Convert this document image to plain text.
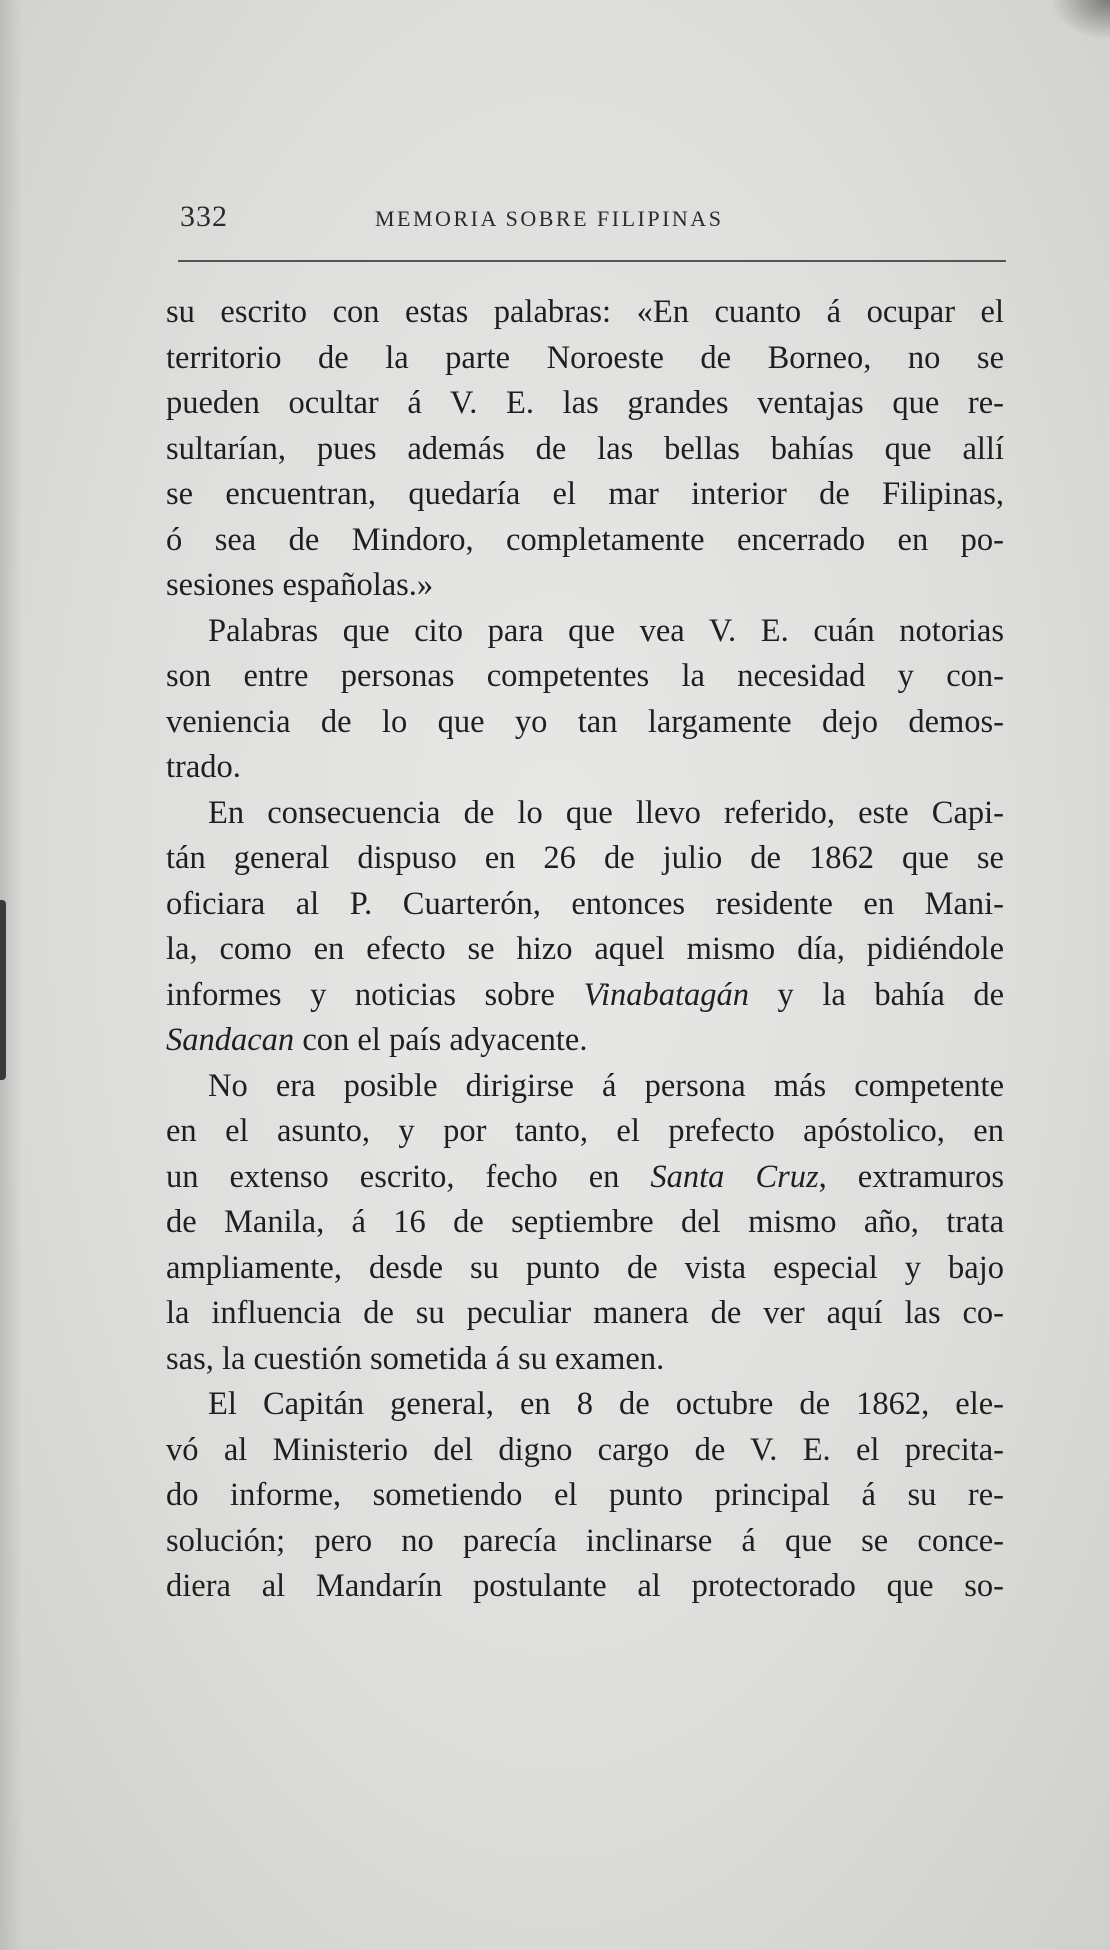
332	MEMORIA SOBRE FILIPINAS

su escrito con estas palabras: «En cuanto á ocupar el
territorio de la parte Noroeste de Borneo, no se
pueden ocultar á V. E. las grandes ventajas que re-
sultarían, pues además de las bellas bahías que allí
se encuentran, quedaría el mar interior de Filipinas,
ó sea de Mindoro, completamente encerrado en po-
sesiones españolas.»

Palabras que cito para que vea V. E. cuán notorias
son entre personas competentes la necesidad y con-
veniencia de lo que yo tan largamente dejo demos-
trado.

En consecuencia de lo que llevo referido, este Capi-
tán general dispuso en 26 de julio de 1862 que se
oficiara al P. Cuarterón, entonces residente en Mani-
la, como en efecto se hizo aquel mismo día, pidiéndole
informes y noticias sobre Vinabatagán y la bahía de
Sandacan con el país adyacente.

No era posible dirigirse á persona más competente
en el asunto, y por tanto, el prefecto apóstolico, en
un extenso escrito, fecho en Santa Cruz, extramuros
de Manila, á 16 de septiembre del mismo año, trata
ampliamente, desde su punto de vista especial y bajo
la influencia de su peculiar manera de ver aquí las co-
sas, la cuestión sometida á su examen.

El Capitán general, en 8 de octubre de 1862, ele-
vó al Ministerio del digno cargo de V. E. el precita-
do informe, sometiendo el punto principal á su re-
solución; pero no parecía inclinarse á que se conce-
diera al Mandarín postulante al protectorado que so-
